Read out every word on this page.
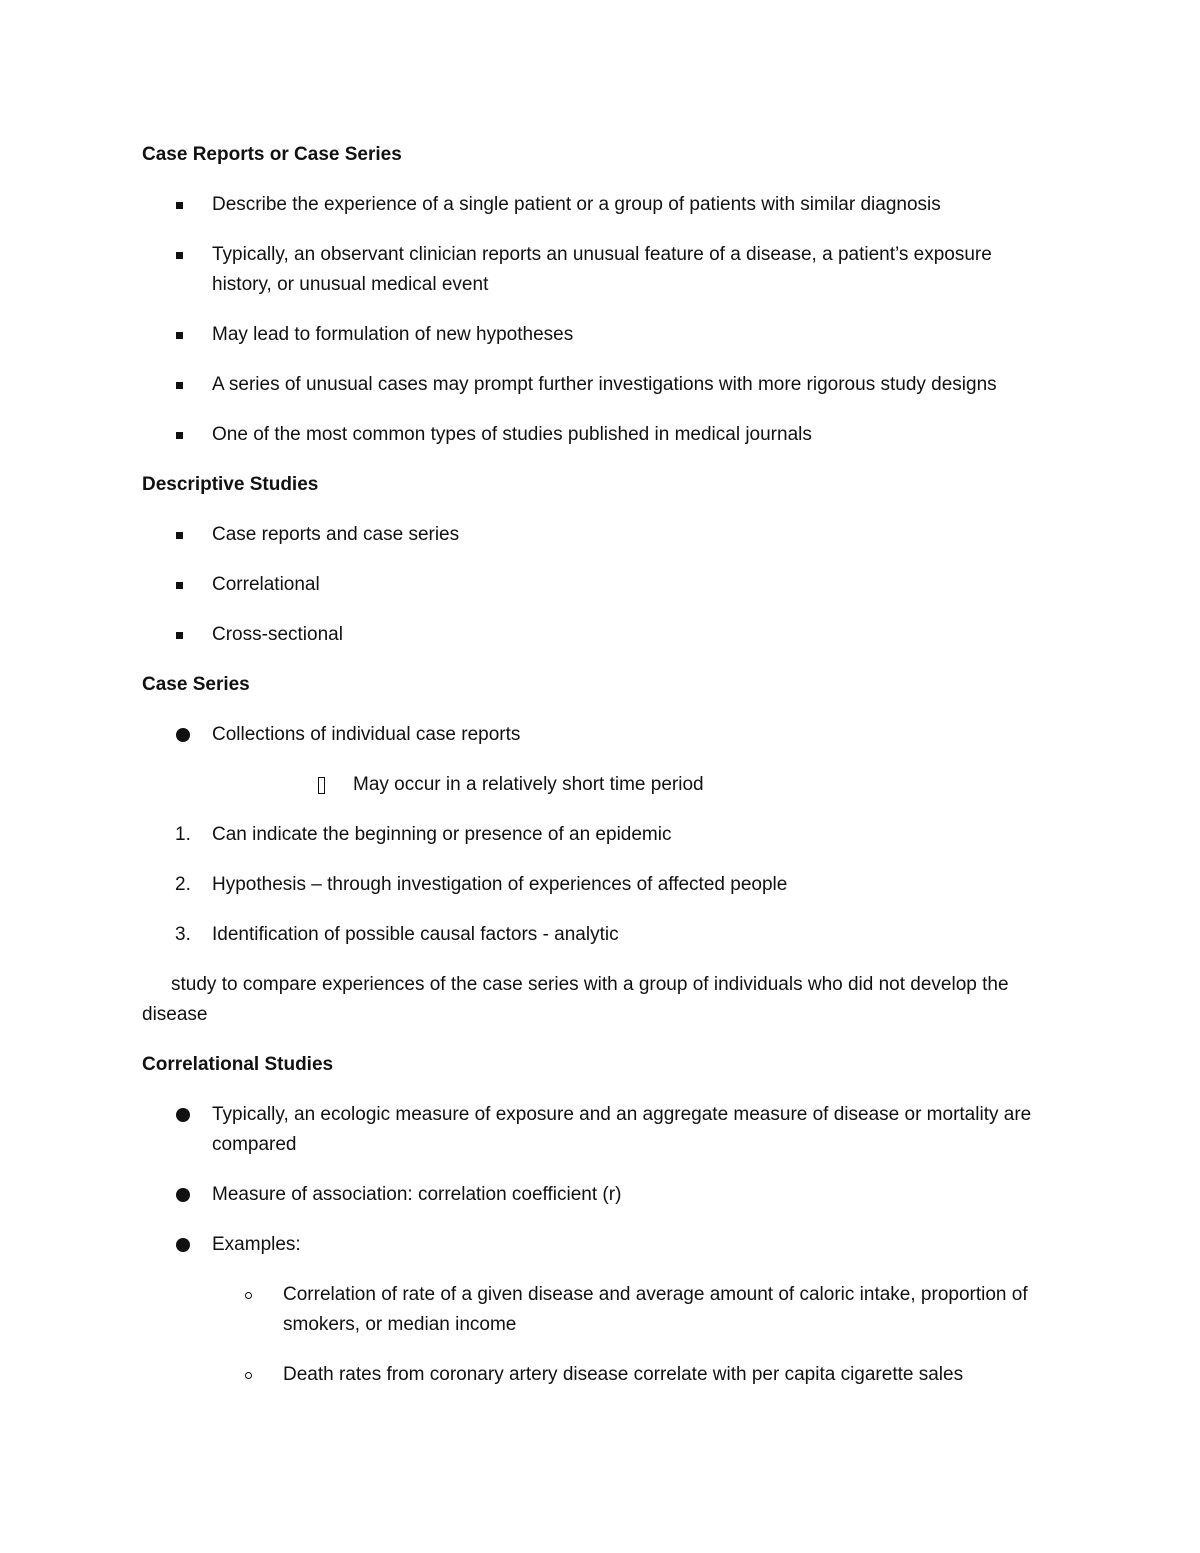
Case Reports or Case Series
Describe the experience of a single patient or a group of patients with similar diagnosis
Typically, an observant clinician reports an unusual feature of a disease, a patient’s exposure
history, or unusual medical event
May lead to formulation of new hypotheses
A series of unusual cases may prompt further investigations with more rigorous study designs
One of the most common types of studies published in medical journals
Descriptive Studies
Case reports and case series
Correlational
Cross-sectional
Case Series
Collections of individual case reports
May occur in a relatively short time period
1. Can indicate the beginning or presence of an epidemic
2. Hypothesis – through investigation of experiences of affected people
3. Identification of possible causal factors - analytic
study to compare experiences of the case series with a group of individuals who did not develop the
disease
Correlational Studies
Typically, an ecologic measure of exposure and an aggregate measure of disease or mortality are
compared
Measure of association: correlation coefficient (r)
Examples:
Correlation of rate of a given disease and average amount of caloric intake, proportion of
smokers, or median income
Death rates from coronary artery disease correlate with per capita cigarette sales
